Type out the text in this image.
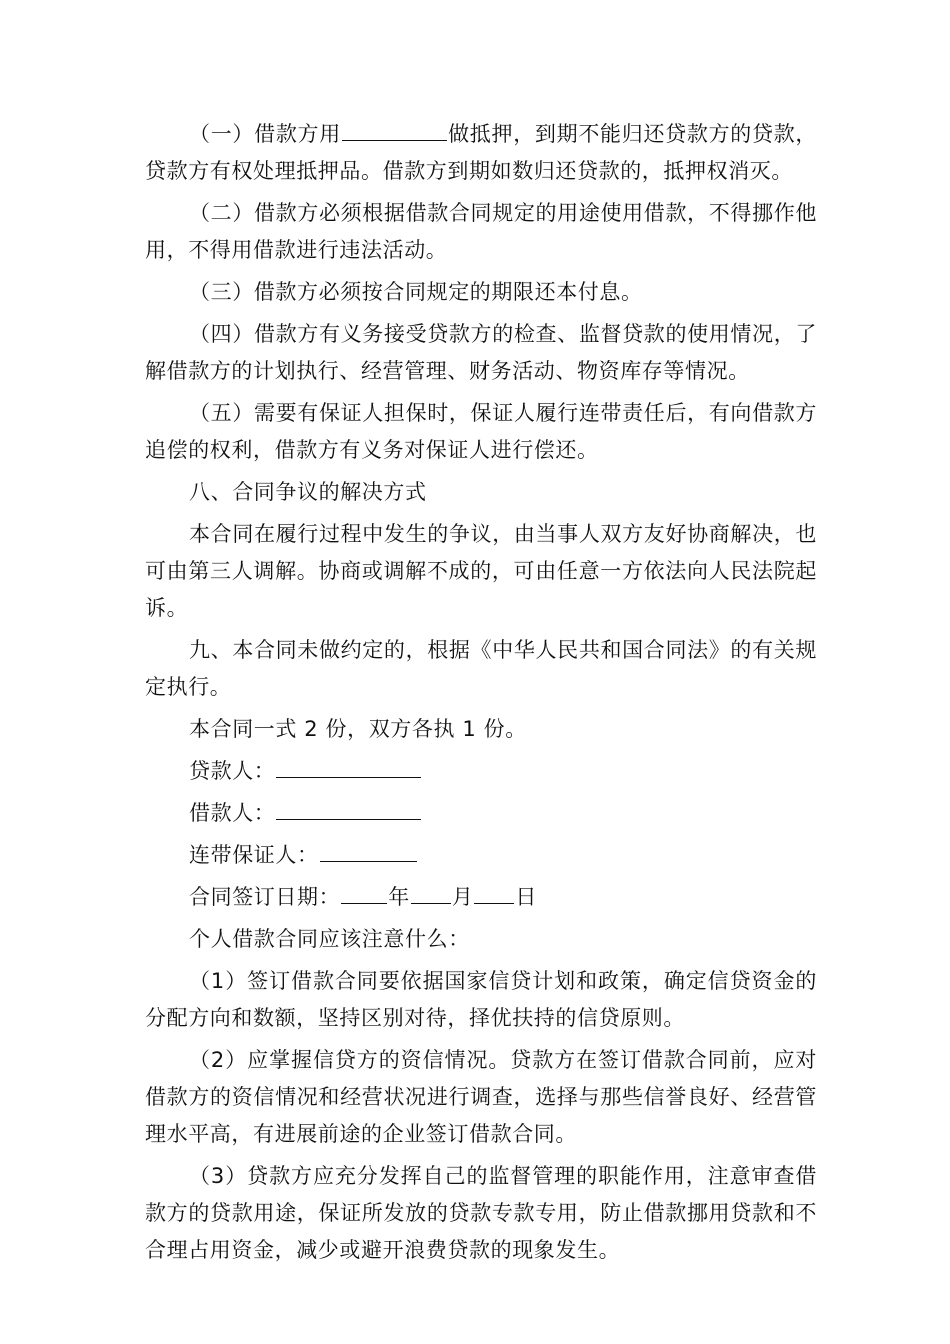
（一）借款方用	做抵押，到期不能归还贷款方的贷款，贷款方有权处理抵押品。借款方到期如数归还贷款的，抵押权消灭。

（二）借款方必须根据借款合同规定的用途使用借款，不得挪作他用，不得用借款进行违法活动。

（三）借款方必须按合同规定的期限还本付息。

（四）借款方有义务接受贷款方的检查、监督贷款的使用情况，了解借款方的计划执行、经营管理、财务活动、物资库存等情况。

（五）需要有保证人担保时，保证人履行连带责任后，有向借款方追偿的权利，借款方有义务对保证人进行偿还。

八、合同争议的解决方式

本合同在履行过程中发生的争议，由当事人双方友好协商解决，也可由第三人调解。协商或调解不成的，可由任意一方依法向人民法院起诉。

九、本合同未做约定的，根据《中华人民共和国合同法》的有关规定执行。

本合同一式 2 份，双方各执 1 份。

贷款人：

借款人：

连带保证人：

合同签订日期： 年 月 日

个人借款合同应该注意什么：

（1）签订借款合同要依据国家信贷计划和政策，确定信贷资金的分配方向和数额，坚持区别对待，择优扶持的信贷原则。

（2）应掌握信贷方的资信情况。贷款方在签订借款合同前，应对借款方的资信情况和经营状况进行调查，选择与那些信誉良好、经营管理水平高，有进展前途的企业签订借款合同。

（3）贷款方应充分发挥自己的监督管理的职能作用，注意审查借款方的贷款用途，保证所发放的贷款专款专用，防止借款挪用贷款和不合理占用资金，减少或避开浪费贷款的现象发生。
